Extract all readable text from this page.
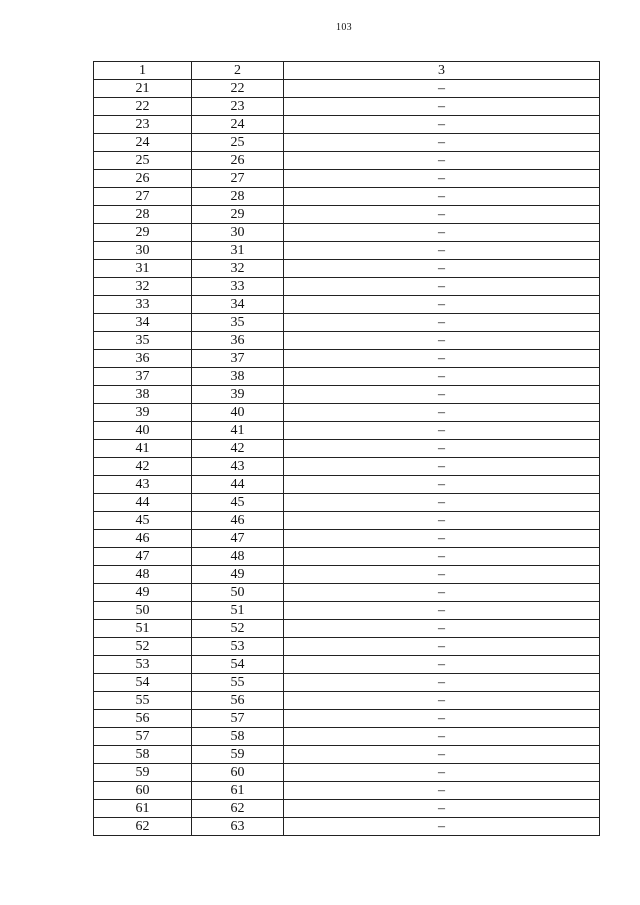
103
1	2	3
21	22	–
22	23	–
23	24	–
24	25	–
25	26	–
26	27	–
27	28	–
28	29	–
29	30	–
30	31	–
31	32	–
32	33	–
33	34	–
34	35	–
35	36	–
36	37	–
37	38	–
38	39	–
39	40	–
40	41	–
41	42	–
42	43	–
43	44	–
44	45	–
45	46	–
46	47	–
47	48	–
48	49	–
49	50	–
50	51	–
51	52	–
52	53	–
53	54	–
54	55	–
55	56	–
56	57	–
57	58	–
58	59	–
59	60	–
60	61	–
61	62	–
62	63	–
